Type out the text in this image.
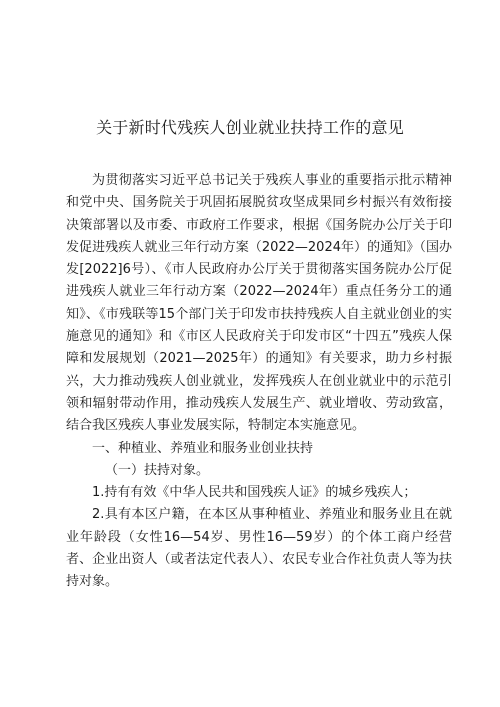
关于新时代残疾人创业就业扶持工作的意见

为贯彻落实习近平总书记关于残疾人事业的重要指示批示精神和党中央、国务院关于巩固拓展脱贫攻坚成果同乡村振兴有效衔接决策部署以及市委、市政府工作要求，根据《国务院办公厅关于印发促进残疾人就业三年行动方案（2022—2024年）的通知》（国办发[2022]6号）、《市人民政府办公厅关于贯彻落实国务院办公厅促进残疾人就业三年行动方案（2022—2024年）重点任务分工的通知》、《市残联等15个部门关于印发市扶持残疾人自主就业创业的实施意见的通知》和《市区人民政府关于印发市区“十四五”残疾人保障和发展规划（2021—2025年）的通知》有关要求，助力乡村振兴，大力推动残疾人创业就业，发挥残疾人在创业就业中的示范引领和辐射带动作用，推动残疾人发展生产、就业增收、劳动致富，结合我区残疾人事业发展实际，特制定本实施意见。

一、种植业、养殖业和服务业创业扶持

（一）扶持对象。

1.持有有效《中华人民共和国残疾人证》的城乡残疾人；

2.具有本区户籍，在本区从事种植业、养殖业和服务业且在就业年龄段（女性16—54岁、男性16—59岁）的个体工商户经营者、企业出资人（或者法定代表人）、农民专业合作社负责人等为扶持对象。
